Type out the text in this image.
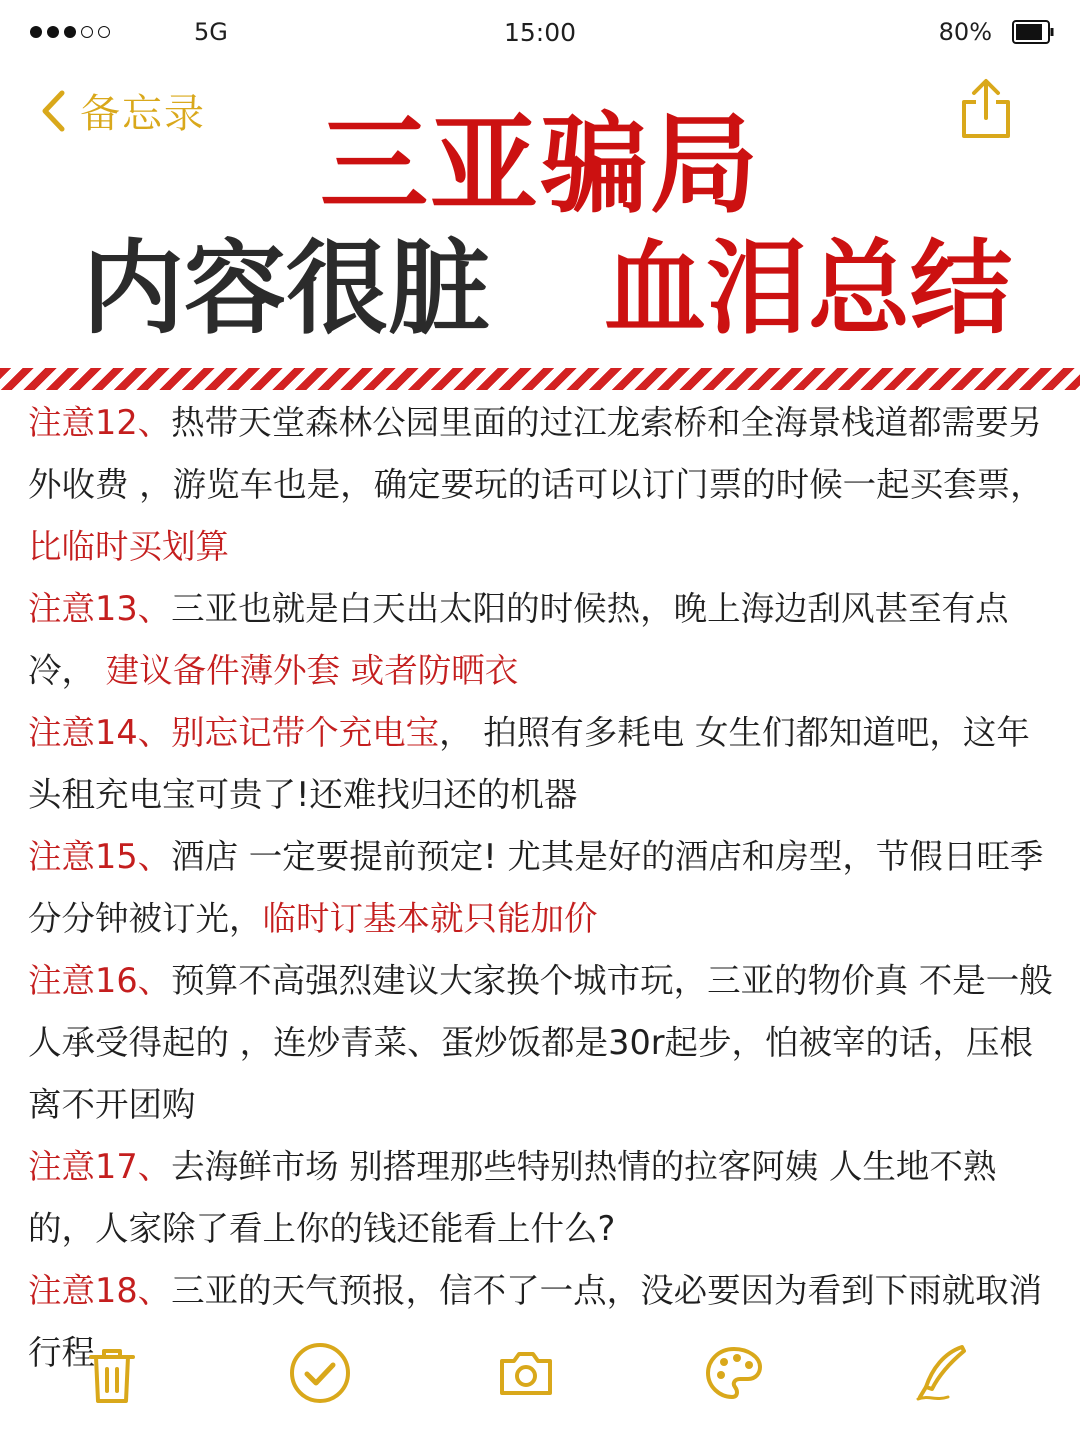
5G	15:00	80%
备忘录	三亚骗局
内容很脏 血泪总结

注意12、热带天堂森林公园里面的过江龙索桥和全海景栈道都需要另外收费 ，游览车也是，确定要玩的话可以订门票的时候一起买套票，比临时买划算

注意13、三亚也就是白天出太阳的时候热，晚上海边刮风甚至有点冷， 建议备件薄外套 或者防晒衣

注意14、别忘记带个充电宝， 拍照有多耗电 女生们都知道吧，这年头租充电宝可贵了!还难找归还的机器

注意15、酒店 一定要提前预定! 尤其是好的酒店和房型，节假日旺季分分钟被订光，临时订基本就只能加价

注意16、预算不高强烈建议大家换个城市玩，三亚的物价真 不是一般人承受得起的 ，连炒青菜、蛋炒饭都是30r起步，怕被宰的话，压根离不开团购

注意17、去海鲜市场 别搭理那些特别热情的拉客阿姨 人生地不熟的，人家除了看上你的钱还能看上什么?

注意18、三亚的天气预报，信不了一点，没必要因为看到下雨就取消行程
